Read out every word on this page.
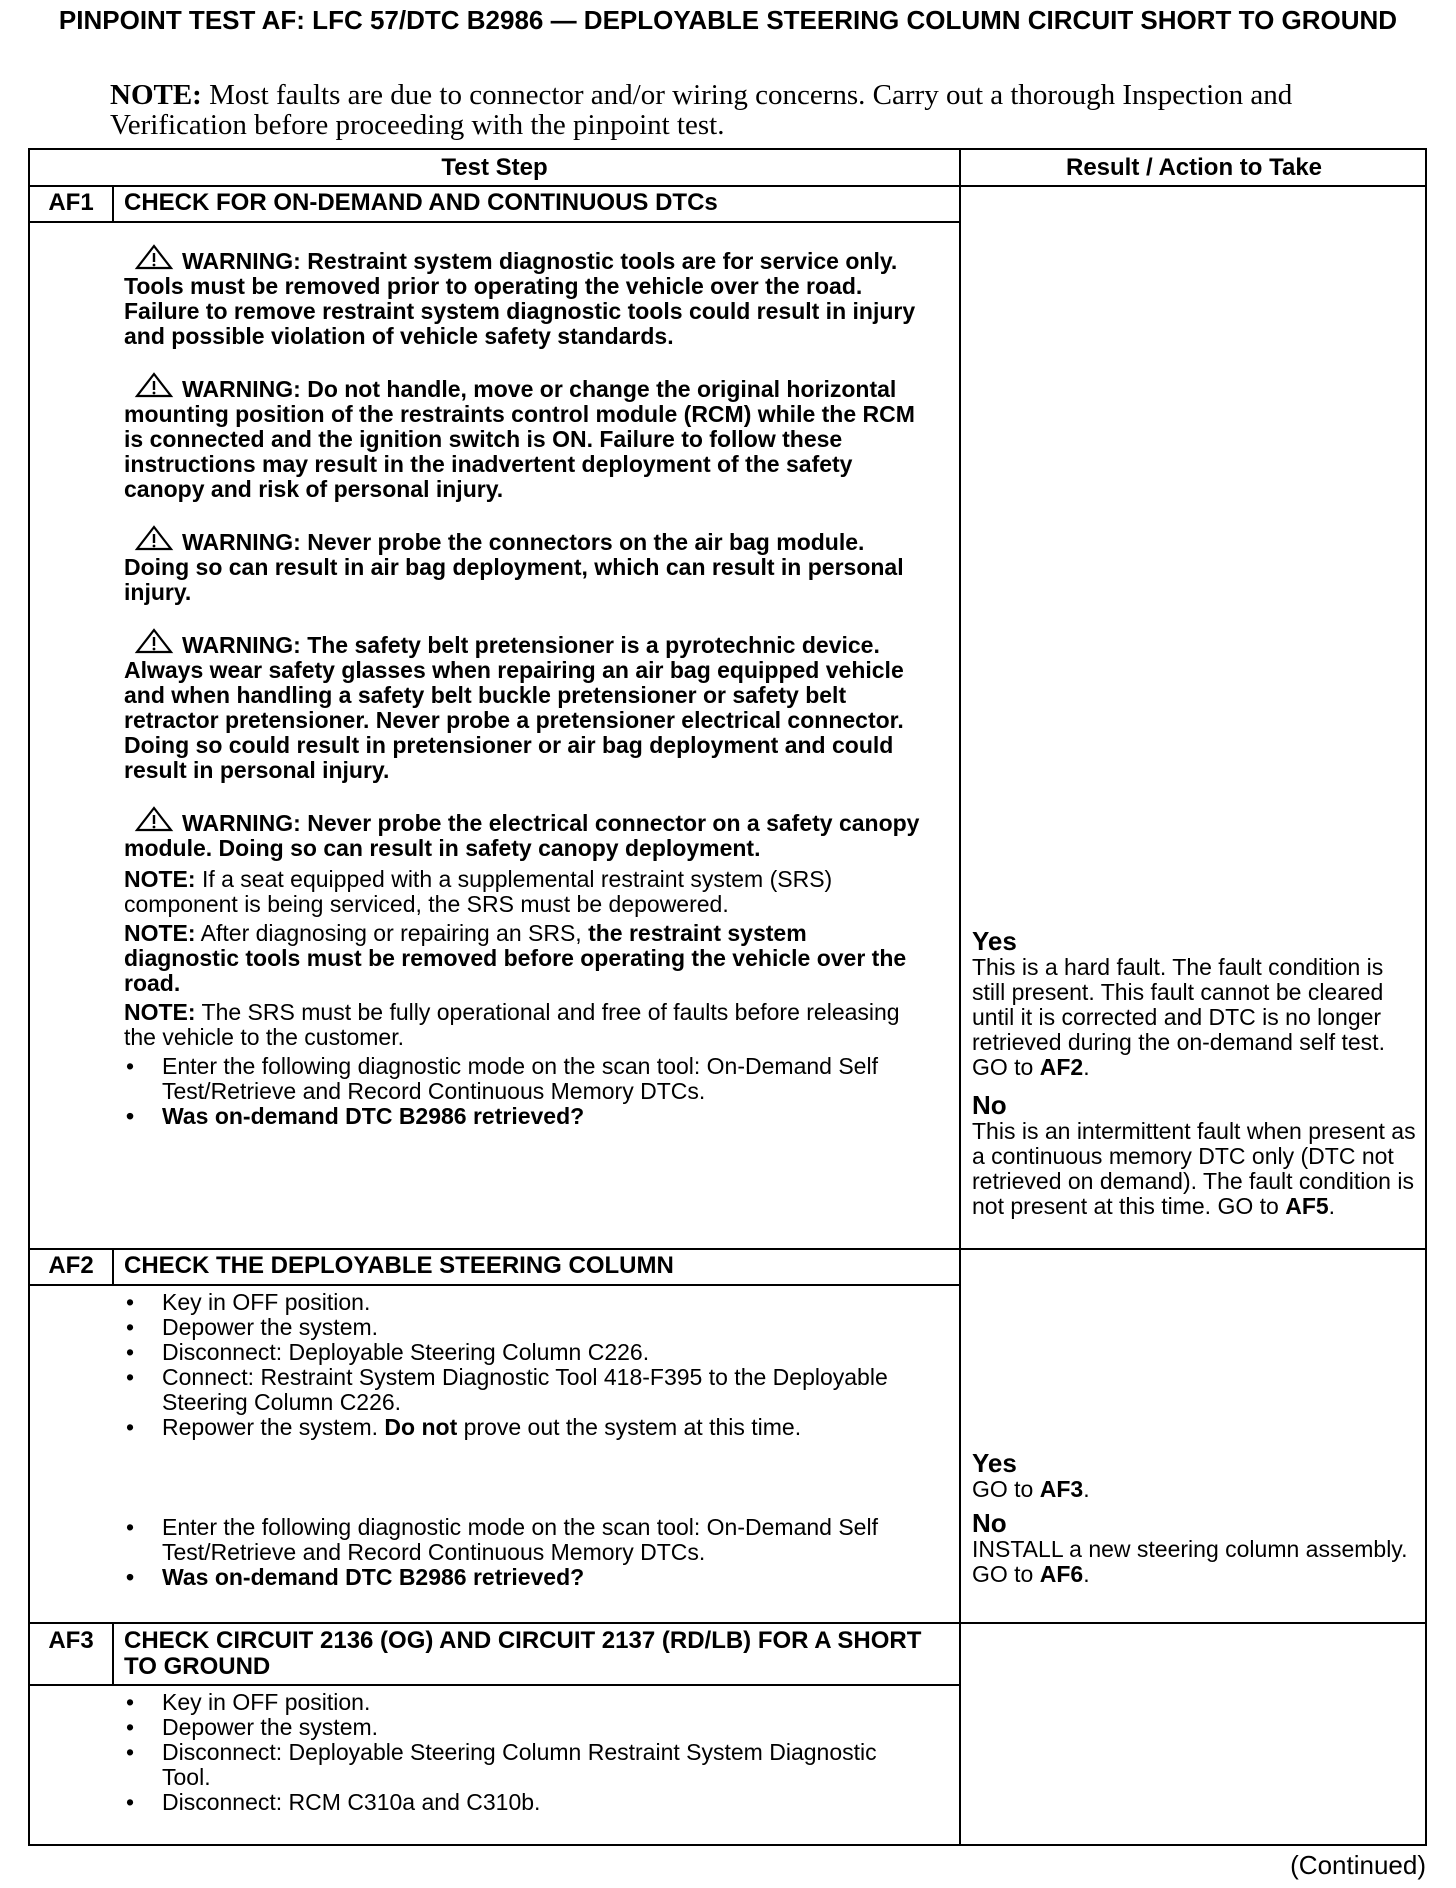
PINPOINT TEST AF: LFC 57/DTC B2986 — DEPLOYABLE STEERING COLUMN CIRCUIT SHORT TO GROUND
NOTE: Most faults are due to connector and/or wiring concerns. Carry out a thorough Inspection and Verification before proceeding with the pinpoint test.
Test Step	Result / Action to Take
AF1	CHECK FOR ON-DEMAND AND CONTINUOUS DTCs
WARNING: Restraint system diagnostic tools are for service only. Tools must be removed prior to operating the vehicle over the road. Failure to remove restraint system diagnostic tools could result in injury and possible violation of vehicle safety standards.
WARNING: Do not handle, move or change the original horizontal mounting position of the restraints control module (RCM) while the RCM is connected and the ignition switch is ON. Failure to follow these instructions may result in the inadvertent deployment of the safety canopy and risk of personal injury.
WARNING: Never probe the connectors on the air bag module. Doing so can result in air bag deployment, which can result in personal injury.
WARNING: The safety belt pretensioner is a pyrotechnic device. Always wear safety glasses when repairing an air bag equipped vehicle and when handling a safety belt buckle pretensioner or safety belt retractor pretensioner. Never probe a pretensioner electrical connector. Doing so could result in pretensioner or air bag deployment and could result in personal injury.
WARNING: Never probe the electrical connector on a safety canopy module. Doing so can result in safety canopy deployment.
NOTE: If a seat equipped with a supplemental restraint system (SRS) component is being serviced, the SRS must be depowered.
NOTE: After diagnosing or repairing an SRS, the restraint system diagnostic tools must be removed before operating the vehicle over the road.
NOTE: The SRS must be fully operational and free of faults before releasing the vehicle to the customer.
• Enter the following diagnostic mode on the scan tool: On-Demand Self Test/Retrieve and Record Continuous Memory DTCs.
• Was on-demand DTC B2986 retrieved?
Yes
This is a hard fault. The fault condition is still present. This fault cannot be cleared until it is corrected and DTC is no longer retrieved during the on-demand self test. GO to AF2.
No
This is an intermittent fault when present as a continuous memory DTC only (DTC not retrieved on demand). The fault condition is not present at this time. GO to AF5.
AF2	CHECK THE DEPLOYABLE STEERING COLUMN
• Key in OFF position.
• Depower the system.
• Disconnect: Deployable Steering Column C226.
• Connect: Restraint System Diagnostic Tool 418-F395 to the Deployable Steering Column C226.
• Repower the system. Do not prove out the system at this time.
• Enter the following diagnostic mode on the scan tool: On-Demand Self Test/Retrieve and Record Continuous Memory DTCs.
• Was on-demand DTC B2986 retrieved?
Yes
GO to AF3.
No
INSTALL a new steering column assembly. GO to AF6.
AF3	CHECK CIRCUIT 2136 (OG) AND CIRCUIT 2137 (RD/LB) FOR A SHORT TO GROUND
• Key in OFF position.
• Depower the system.
• Disconnect: Deployable Steering Column Restraint System Diagnostic Tool.
• Disconnect: RCM C310a and C310b.
(Continued)
